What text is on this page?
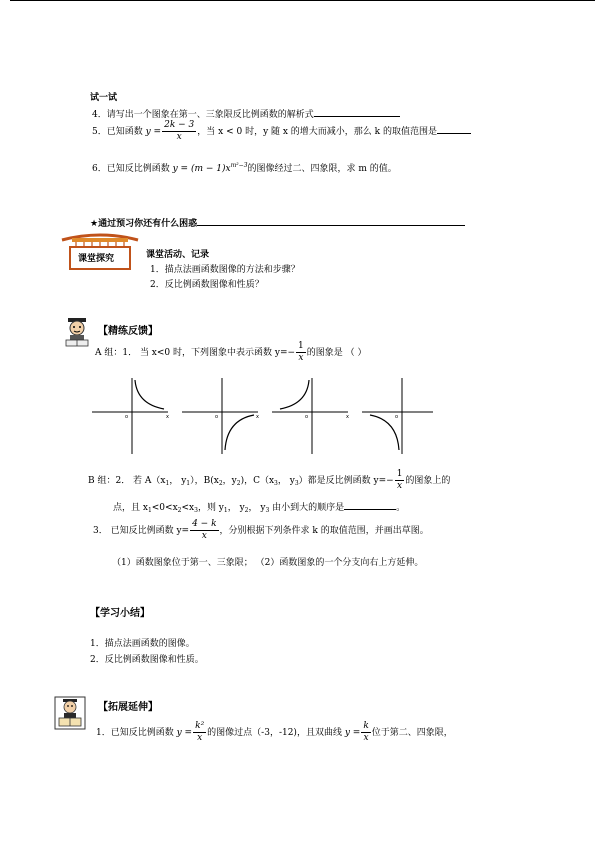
试一试
4．请写出一个图象在第一、三象限反比例函数的解析式
5．已知函数 $y = \frac{2k - 3}{x}$ ，当 x < 0 时，y 随 x 的增大而减小，那么 k 的取值范围是
6．已知反比例函数 $y = (m - 1)x^{m^2-3}$的图像经过二、四象限，求 m 的值。
★通过预习你还有什么困惑
课堂探究	课堂活动、记录
1．描点法画函数图像的方法和步骤？
2．反比例函数图像和性质？
【精练反馈】
A 组：1． 当 x<0 时，下列图象中表示函数 $y=- \frac{1}{x}$ 的图象是 （ ）
o	x	o	x	o	x	o
B 组：2． 若 $A(x_1$， $y_1$），$B(x_2$，$y_2$)，$C(x_3$， $y_3$）都是反比例函数 $y=- \frac{1}{x}$ 的图象上的
点，且 $x_1<0<x_2<x_3$，则 $y_1$， $y_2$， $y_3$ 由小到大的顺序是	。
3． 已知反比例函数 $y= \frac{4 - k}{x}$ ，分别根据下列条件求 k 的取值范围，并画出草图。
（1）函数图象位于第一、三象限； （2）函数图象的一个分支向右上方延伸。
【学习小结】
1．描点法画函数的图像。
2．反比例函数图像和性质。
【拓展延伸】
1．已知反比例函数 $y = \frac{\text{k²}}{x}$ 的图像过点（-3，-12)，且双曲线 $y = \frac{k}{x}$ 位于第二、四象限，
